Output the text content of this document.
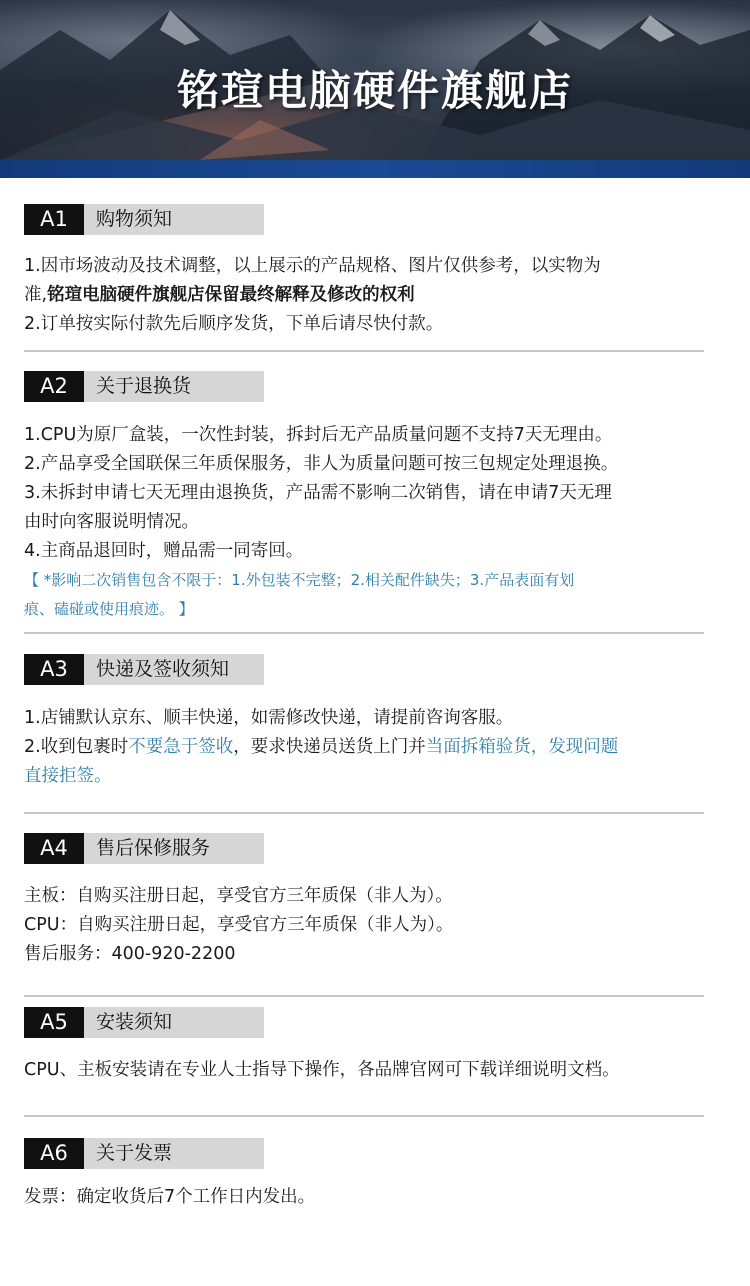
铭瑄电脑硬件旗舰店
A1	购物须知
1.因市场波动及技术调整，以上展示的产品规格、图片仅供参考，以实物为
准,铭瑄电脑硬件旗舰店保留最终解释及修改的权利
2.订单按实际付款先后顺序发货，下单后请尽快付款。
A2	关于退换货
1.CPU为原厂盒装，一次性封装，拆封后无产品质量问题不支持7天无理由。
2.产品享受全国联保三年质保服务，非人为质量问题可按三包规定处理退换。
3.未拆封申请七天无理由退换货，产品需不影响二次销售，请在申请7天无理
由时向客服说明情况。
4.主商品退回时，赠品需一同寄回。
【 *影响二次销售包含不限于：1.外包装不完整；2.相关配件缺失；3.产品表面有划
痕、磕碰或使用痕迹。 】
A3	快递及签收须知
1.店铺默认京东、顺丰快递，如需修改快递，请提前咨询客服。
2.收到包裹时不要急于签收，要求快递员送货上门并当面拆箱验货，发现问题
直接拒签。
A4	售后保修服务
主板：自购买注册日起，享受官方三年质保（非人为）。
CPU：自购买注册日起，享受官方三年质保（非人为）。
售后服务：400-920-2200
A5	安装须知
CPU、主板安装请在专业人士指导下操作，各品牌官网可下载详细说明文档。
A6	关于发票
发票：确定收货后7个工作日内发出。
